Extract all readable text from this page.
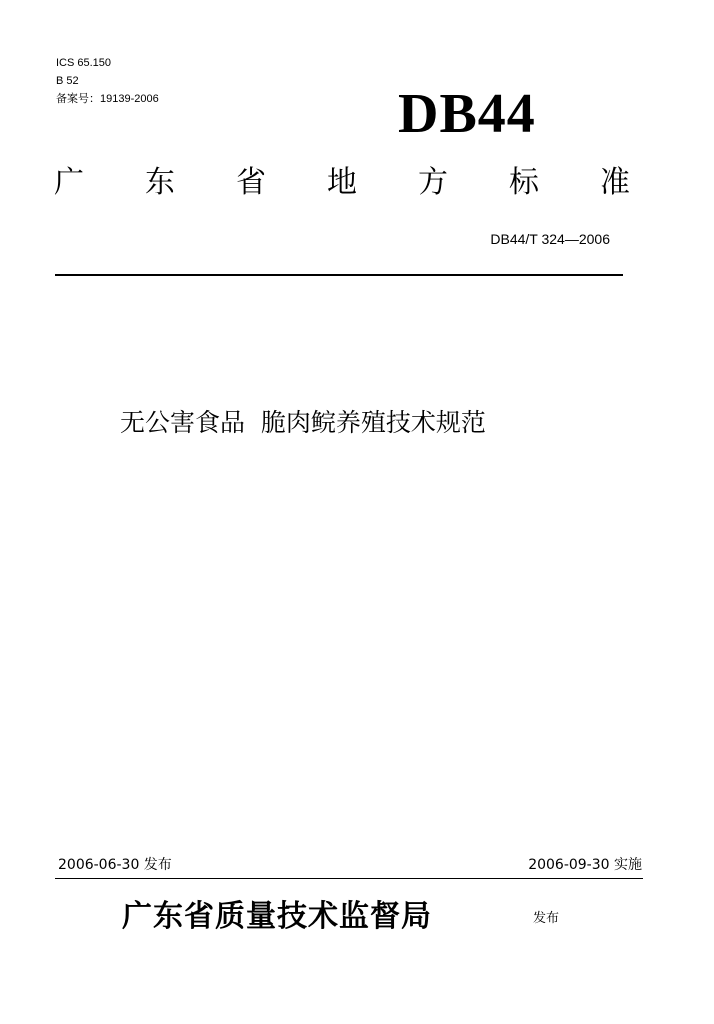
ICS 65.150
B 52
备案号：19139-2006	DB44
广 东 省 地 方 标 准
DB44/T 324—2006
无公害食品  脆肉鲩养殖技术规范
2006-06-30 发布	2006-09-30 实施
广东省质量技术监督局	发布
